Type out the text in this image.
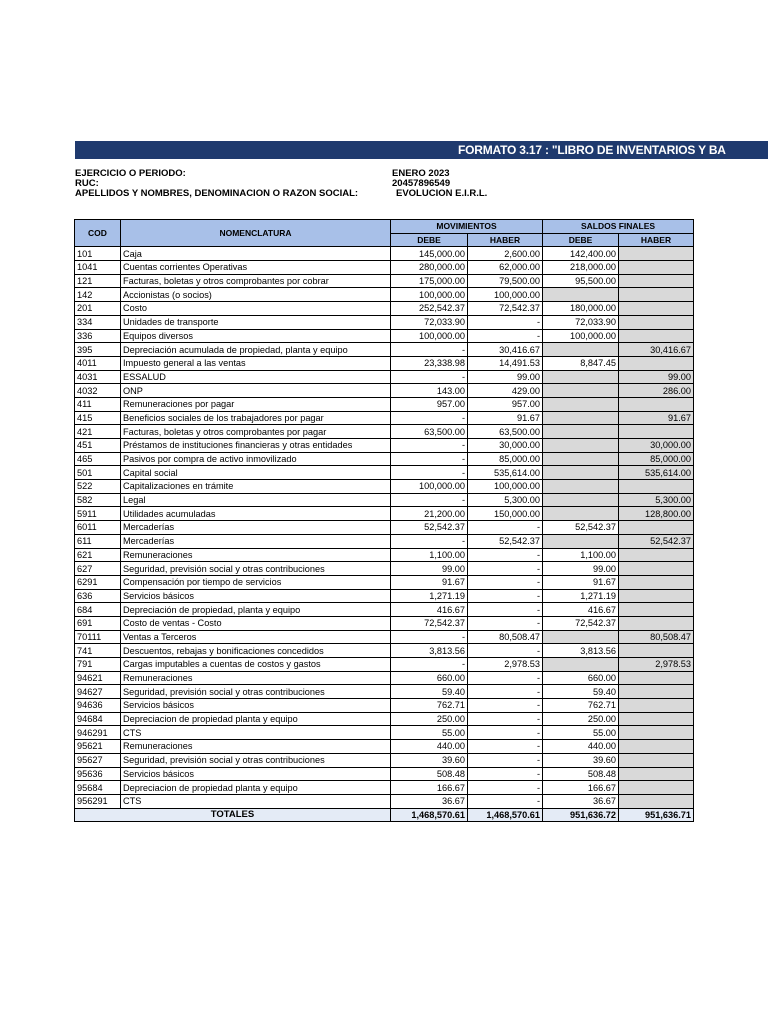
FORMATO 3.17 : "LIBRO DE INVENTARIOS Y BA
EJERCICIO O PERIODO:	ENERO 2023
RUC:	20457896549
APELLIDOS Y NOMBRES, DENOMINACION O RAZON SOCIAL:	EVOLUCION E.I.R.L.
COD	NOMENCLATURA	MOVIMIENTOS		SALDOS FINALES	
		DEBE	HABER	DEBE	HABER
101	Caja	145,000.00	2,600.00	142,400.00	
1041	Cuentas corrientes Operativas	280,000.00	62,000.00	218,000.00	
121	Facturas, boletas y otros comprobantes por cobrar	175,000.00	79,500.00	95,500.00	
142	Accionistas (o socios)	100,000.00	100,000.00		
201	Costo	252,542.37	72,542.37	180,000.00	
334	Unidades de transporte	72,033.90	-	72,033.90	
336	Equipos diversos	100,000.00	-	100,000.00	
395	Depreciación acumulada de propiedad, planta y equipo	-	30,416.67		30,416.67
4011	Impuesto general a las ventas	23,338.98	14,491.53	8,847.45	
4031	ESSALUD	-	99.00		99.00
4032	ONP	143.00	429.00		286.00
411	Remuneraciones por pagar	957.00	957.00		
415	Beneficios sociales de los trabajadores por pagar	-	91.67		91.67
421	Facturas, boletas y otros comprobantes por pagar	63,500.00	63,500.00		
451	Préstamos de instituciones financieras y otras entidades	-	30,000.00		30,000.00
465	Pasivos por compra de activo inmovilizado	-	85,000.00		85,000.00
501	Capital social	-	535,614.00		535,614.00
522	Capitalizaciones en trámite	100,000.00	100,000.00		
582	Legal	-	5,300.00		5,300.00
5911	Utilidades acumuladas	21,200.00	150,000.00		128,800.00
6011	Mercaderías	52,542.37	-	52,542.37	
611	Mercaderías	-	52,542.37		52,542.37
621	Remuneraciones	1,100.00	-	1,100.00	
627	Seguridad, previsión social y otras contribuciones	99.00	-	99.00	
6291	Compensación por tiempo de servicios	91.67	-	91.67	
636	Servicios básicos	1,271.19	-	1,271.19	
684	Depreciación de propiedad, planta y equipo	416.67	-	416.67	
691	Costo de ventas - Costo	72,542.37	-	72,542.37	
70111	Ventas a Terceros	-	80,508.47		80,508.47
741	Descuentos, rebajas y bonificaciones concedidos	3,813.56	-	3,813.56	
791	Cargas imputables a cuentas de costos y gastos	-	2,978.53		2,978.53
94621	Remuneraciones	660.00	-	660.00	
94627	Seguridad, previsión social y otras contribuciones	59.40	-	59.40	
94636	Servicios básicos	762.71	-	762.71	
94684	Depreciacion de propiedad planta y equipo	250.00	-	250.00	
946291	CTS	55.00	-	55.00	
95621	Remuneraciones	440.00	-	440.00	
95627	Seguridad, previsión social y otras contribuciones	39.60	-	39.60	
95636	Servicios básicos	508.48	-	508.48	
95684	Depreciacion de propiedad planta y equipo	166.67	-	166.67	
956291	CTS	36.67	-	36.67	
TOTALES		1,468,570.61	1,468,570.61	951,636.72	951,636.71
